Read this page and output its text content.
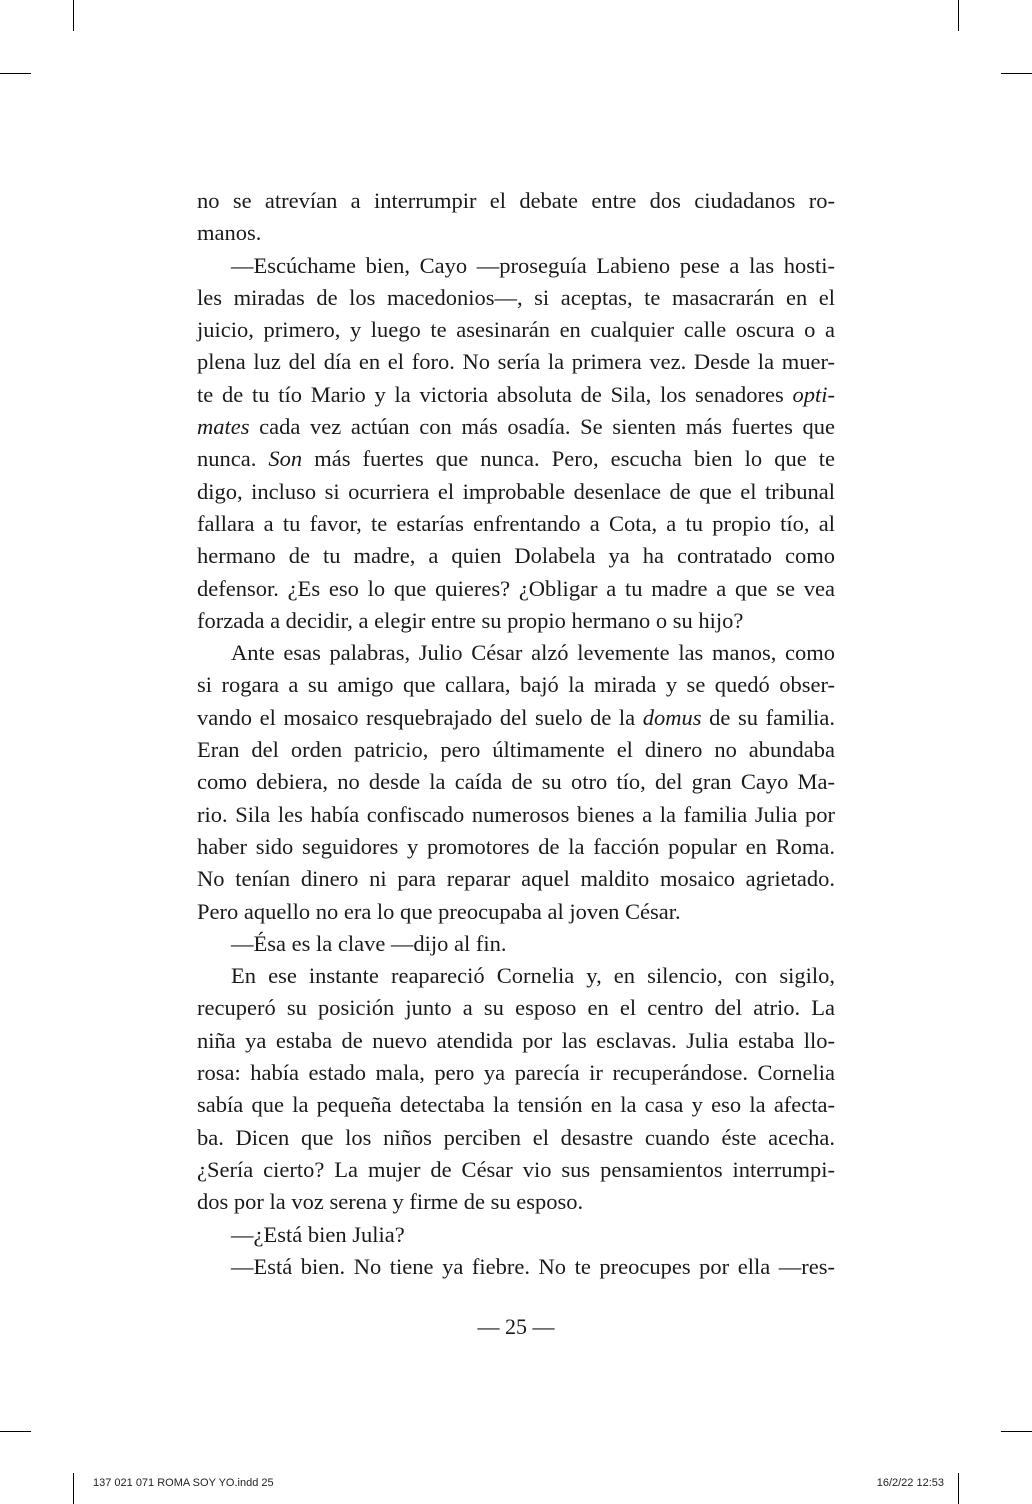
no se atrevían a interrumpir el debate entre dos ciudadanos ro-
manos.
—Escúchame bien, Cayo —proseguía Labieno pese a las hosti-
les miradas de los macedonios—, si aceptas, te masacrarán en el
juicio, primero, y luego te asesinarán en cualquier calle oscura o a
plena luz del día en el foro. No sería la primera vez. Desde la muer-
te de tu tío Mario y la victoria absoluta de Sila, los senadores opti-
mates cada vez actúan con más osadía. Se sienten más fuertes que
nunca. Son más fuertes que nunca. Pero, escucha bien lo que te
digo, incluso si ocurriera el improbable desenlace de que el tribunal
fallara a tu favor, te estarías enfrentando a Cota, a tu propio tío, al
hermano de tu madre, a quien Dolabela ya ha contratado como
defensor. ¿Es eso lo que quieres? ¿Obligar a tu madre a que se vea
forzada a decidir, a elegir entre su propio hermano o su hijo?
Ante esas palabras, Julio César alzó levemente las manos, como
si rogara a su amigo que callara, bajó la mirada y se quedó obser-
vando el mosaico resquebrajado del suelo de la domus de su familia.
Eran del orden patricio, pero últimamente el dinero no abundaba
como debiera, no desde la caída de su otro tío, del gran Cayo Ma-
rio. Sila les había confiscado numerosos bienes a la familia Julia por
haber sido seguidores y promotores de la facción popular en Roma.
No tenían dinero ni para reparar aquel maldito mosaico agrietado.
Pero aquello no era lo que preocupaba al joven César.
—Ésa es la clave —dijo al fin.
En ese instante reapareció Cornelia y, en silencio, con sigilo,
recuperó su posición junto a su esposo en el centro del atrio. La
niña ya estaba de nuevo atendida por las esclavas. Julia estaba llo-
rosa: había estado mala, pero ya parecía ir recuperándose. Cornelia
sabía que la pequeña detectaba la tensión en la casa y eso la afecta-
ba. Dicen que los niños perciben el desastre cuando éste acecha.
¿Sería cierto? La mujer de César vio sus pensamientos interrumpi-
dos por la voz serena y firme de su esposo.
—¿Está bien Julia?
—Está bien. No tiene ya fiebre. No te preocupes por ella —res-
— 25 —
137 021 071 ROMA SOY YO.indd 25	16/2/22 12:53
